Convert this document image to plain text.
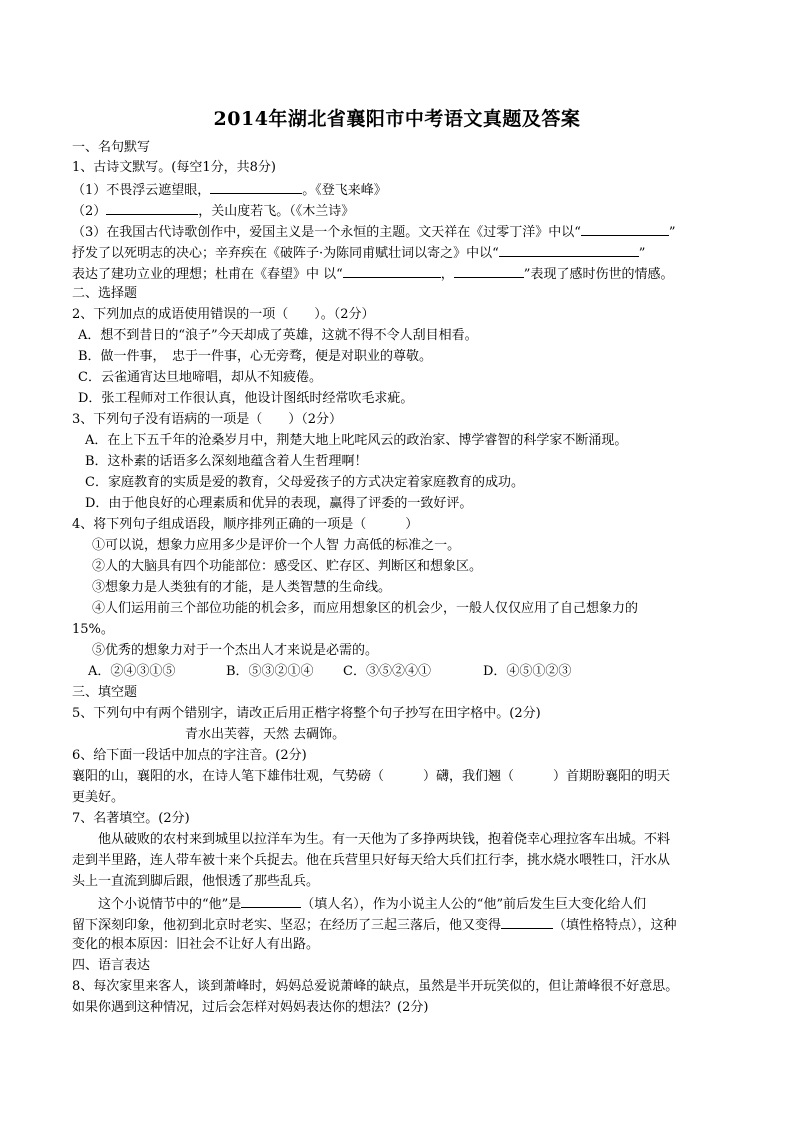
2014年湖北省襄阳市中考语文真题及答案
一、名句默写
1、古诗文默写。(每空1分，共8分)
（1）不畏浮云遮望眼，	。《登飞来峰》
（2）	，关山度若飞。（《木兰诗》
（3）在我国古代诗歌创作中，爱国主义是一个永恒的主题。文天祥在《过零丁洋》中以“	”
抒发了以死明志的决心；辛弃疾在《破阵子·为陈同甫赋壮词以寄之》中以“	”
表达了建功立业的理想；杜甫在《春望》中 以“	，	”表现了感时伤世的情感。
二、选择题
2、下列加点的成语使用错误的一项（　　）。（2分）
A．想不到昔日的“浪子”今天却成了英雄，这就不得不令人刮目相看。
B．做一件事，　忠于一件事，心无旁骛，便是对职业的尊敬。
C．云雀通宵达旦地啼唱，却从不知疲倦。
D．张工程师对工作很认真，他设计图纸时经常吹毛求疵。
3、下列句子没有语病的一项是（　　）（2分）
A．在上下五千年的沧桑岁月中，荆楚大地上叱咤风云的政治家、博学睿智的科学家不断涌现。
B．这朴素的话语多么深刻地蕴含着人生哲理啊！
C．家庭教育的实质是爱的教育，父母爱孩子的方式决定着家庭教育的成功。
D．由于他良好的心理素质和优异的表现，赢得了评委的一致好评。
4、将下列句子组成语段，顺序排列正确的一项是（　　　）
①可以说，想象力应用多少是评价一个人智 力高低的标准之一。
②人的大脑具有四个功能部位：感受区、贮存区、判断区和想象区。
③想象力是人类独有的才能，是人类智慧的生命线。
④人们运用前三个部位功能的机会多，而应用想象区的机会少，一般人仅仅应用了自己想象力的
15%。
⑤优秀的想象力对于一个杰出人才来说是必需的。
A．②④③①⑤	B．⑤③②①④ C．③⑤②④①	D．④⑤①②③
三、填空题
5、下列句中有两个错别字，请改正后用正楷字将整个句子抄写在田字格中。(2分)
青水出芙蓉，天然 去碉饰。
6、给下面一段话中加点的字注音。(2分)
襄阳的山，襄阳的水，在诗人笔下雄伟壮观，气势磅（　　　）礴，我们翘（　　　）首期盼襄阳的明天
更美好。
7、名著填空。(2分)
他从破败的农村来到城里以拉洋车为生。有一天他为了多挣两块钱，抱着侥幸心理拉客车出城。不料
走到半里路，连人带车被十来个兵捉去。他在兵营里只好每天给大兵们扛行李，挑水烧水喂牲口，汗水从
头上一直流到脚后跟，他恨透了那些乱兵。
这个小说情节中的“他”是	（填人名），作为小说主人公的“他”前后发生巨大变化给人们
留下深刻印象，他初到北京时老实、坚忍；在经历了三起三落后，他又变得	（填性格特点），这种
变化的根本原因：旧社会不让好人有出路。
四、语言表达
8、每次家里来客人，谈到萧峰时，妈妈总爱说萧峰的缺点，虽然是半开玩笑似的，但让萧峰很不好意思。
如果你遇到这种情况，过后会怎样对妈妈表达你的想法？(2分)
